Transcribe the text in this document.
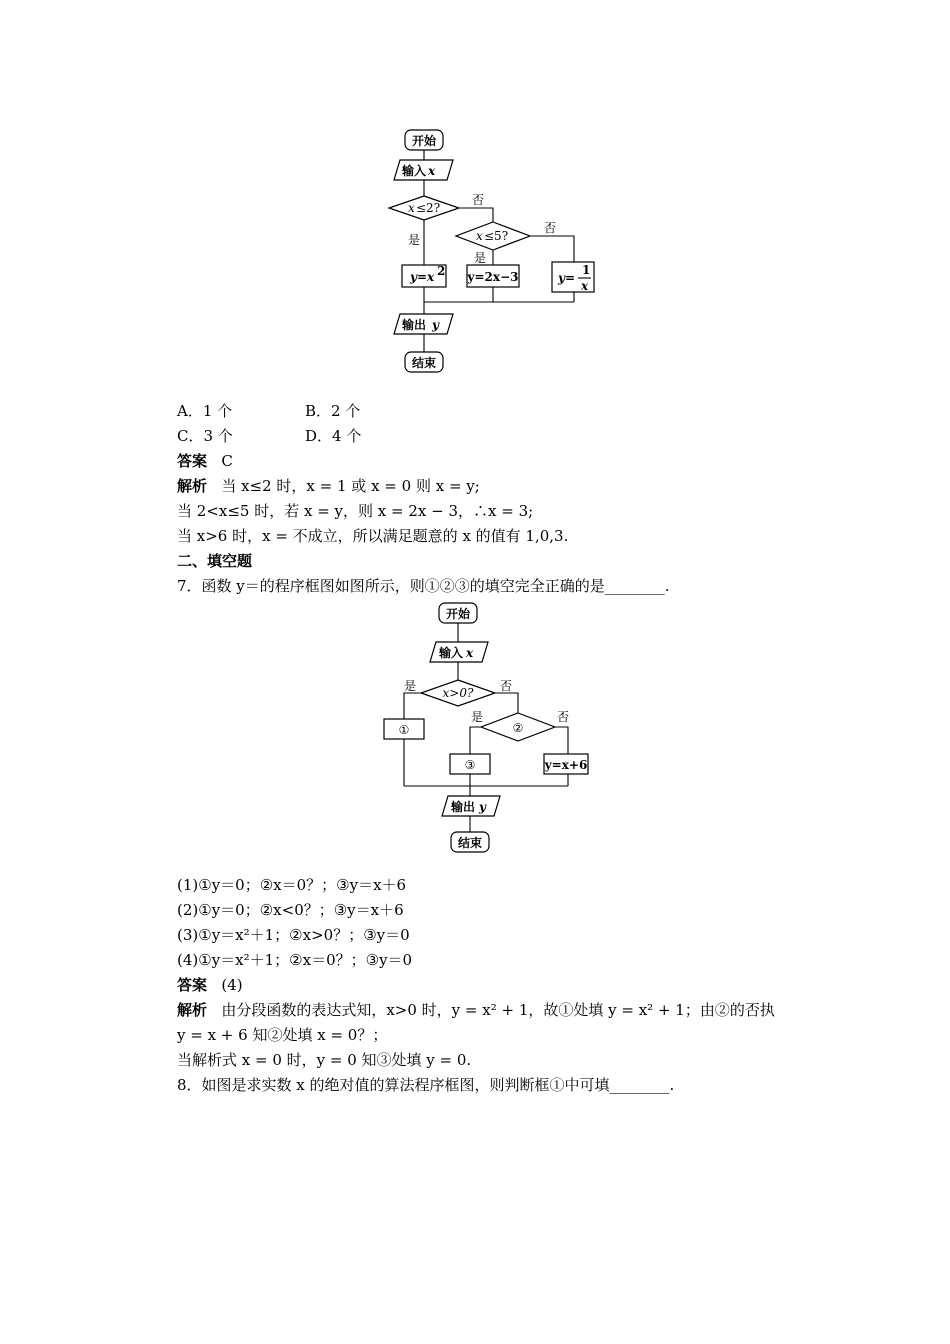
开始
输入 x
x ≤2?
否
是	x ≤5?
否
是
y=x 2 y=2x−3	y=
1
x
输出 y
结束
A．1 个	B．2 个
C．3 个	D．4 个
答案 C
解析 当 x≤2 时，x = 1 或 x = 0 则 x = y;
当 2<x≤5 时，若 x = y，则 x = 2x − 3，∴x = 3;
当 x>6 时，x = 不成立，所以满足题意的 x 的值有 1,0,3.
二、填空题
7．函数 y＝的程序框图如图所示，则①②③的填空完全正确的是________.
开始
输入 x
x>0?
是	否
①	②
是	否
③	y=x+6
输出 y
结束
(1)①y＝0；②x＝0？；③y＝x＋6
(2)①y＝0；②x<0？；③y＝x＋6
(3)①y＝x²＋1；②x>0？；③y＝0
(4)①y＝x²＋1；②x＝0？；③y＝0
答案 (4)
解析 由分段函数的表达式知，x>0 时，y = x² + 1，故①处填 y = x² + 1；由②的否执
y = x + 6 知②处填 x = 0？；
当解析式 x = 0 时，y = 0 知③处填 y = 0.
8．如图是求实数 x 的绝对值的算法程序框图，则判断框①中可填________.
